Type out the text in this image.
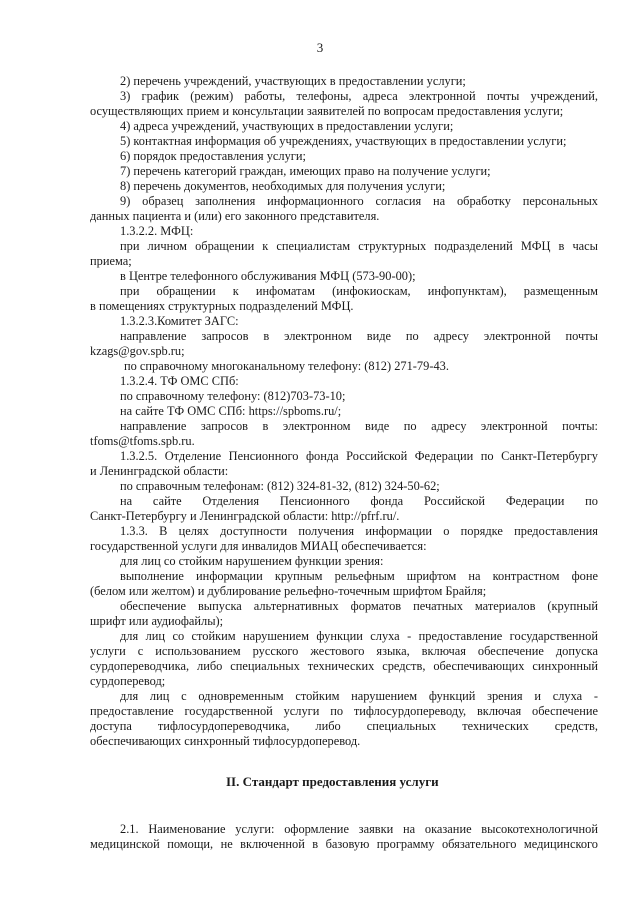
3
2) перечень учреждений, участвующих в предоставлении услуги;
3) график (режим) работы, телефоны, адреса электронной почты учреждений,
осуществляющих прием и консультации заявителей по вопросам предоставления услуги;
4) адреса учреждений, участвующих в предоставлении услуги;
5) контактная информация об учреждениях, участвующих в предоставлении услуги;
6) порядок предоставления услуги;
7) перечень категорий граждан, имеющих право на получение услуги;
8) перечень документов, необходимых для получения услуги;
9) образец заполнения информационного согласия на обработку персональных
данных пациента и (или) его законного представителя.
1.3.2.2. МФЦ:
при личном обращении к специалистам структурных подразделений МФЦ в часы
приема;
в Центре телефонного обслуживания МФЦ (573-90-00);
при обращении к инфоматам (инфокиоскам, инфопунктам), размещенным
в помещениях структурных подразделений МФЦ.
1.3.2.3.Комитет ЗАГС:
направление запросов в электронном виде по адресу электронной почты
kzags@gov.spb.ru;
по справочному многоканальному телефону: (812) 271-79-43.
1.3.2.4. ТФ ОМС СПб:
по справочному телефону: (812)703-73-10;
на сайте ТФ ОМС СПб: https://spboms.ru/;
направление запросов в электронном виде по адресу электронной почты:
tfoms@tfoms.spb.ru.
1.3.2.5. Отделение Пенсионного фонда Российской Федерации по Санкт-Петербургу
и Ленинградской области:
по справочным телефонам: (812) 324-81-32, (812) 324-50-62;
на сайте Отделения Пенсионного фонда Российской Федерации по
Санкт-Петербургу и Ленинградской области: http://pfrf.ru/.
1.3.3. В целях доступности получения информации о порядке предоставления
государственной услуги для инвалидов МИАЦ обеспечивается:
для лиц со стойким нарушением функции зрения:
выполнение информации крупным рельефным шрифтом на контрастном фоне
(белом или желтом) и дублирование рельефно-точечным шрифтом Брайля;
обеспечение выпуска альтернативных форматов печатных материалов (крупный
шрифт или аудиофайлы);
для лиц со стойким нарушением функции слуха - предоставление государственной
услуги с использованием русского жестового языка, включая обеспечение допуска
сурдопереводчика, либо специальных технических средств, обеспечивающих синхронный
сурдоперевод;
для лиц с одновременным стойким нарушением функций зрения и слуха -
предоставление государственной услуги по тифлосурдопереводу, включая обеспечение
доступа тифлосурдопереводчика, либо специальных технических средств,
обеспечивающих синхронный тифлосурдоперевод.
II. Стандарт предоставления услуги
2.1. Наименование услуги: оформление заявки на оказание высокотехнологичной
медицинской помощи, не включенной в базовую программу обязательного медицинского
